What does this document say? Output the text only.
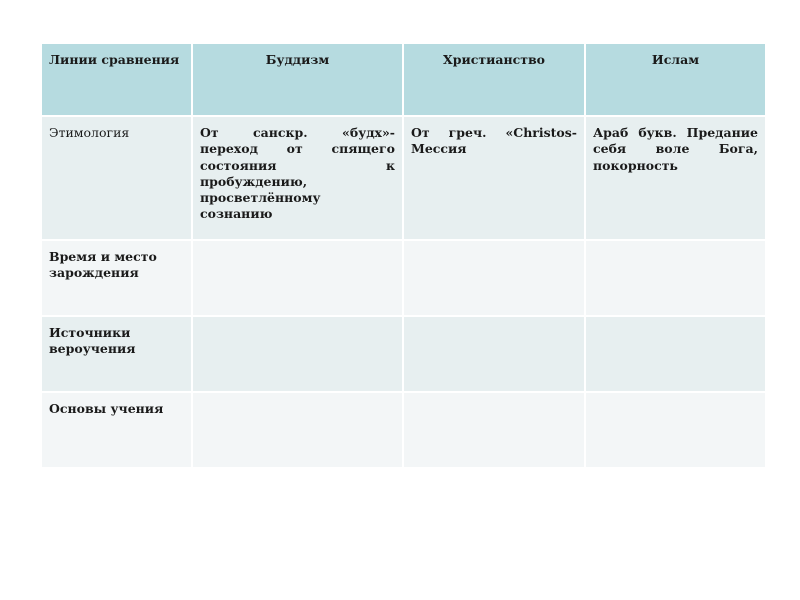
Линии сравнения	Буддизм	Христианство	Ислам
Этимология	От санскр. «будх»- переход от спящего состояния к пробуждению, просветлённому сознанию	От греч. «Christos-Мессия	Араб букв. Предание себя воле Бога, покорность
Время и место зарождения			
Источники вероучения			
Основы учения			
